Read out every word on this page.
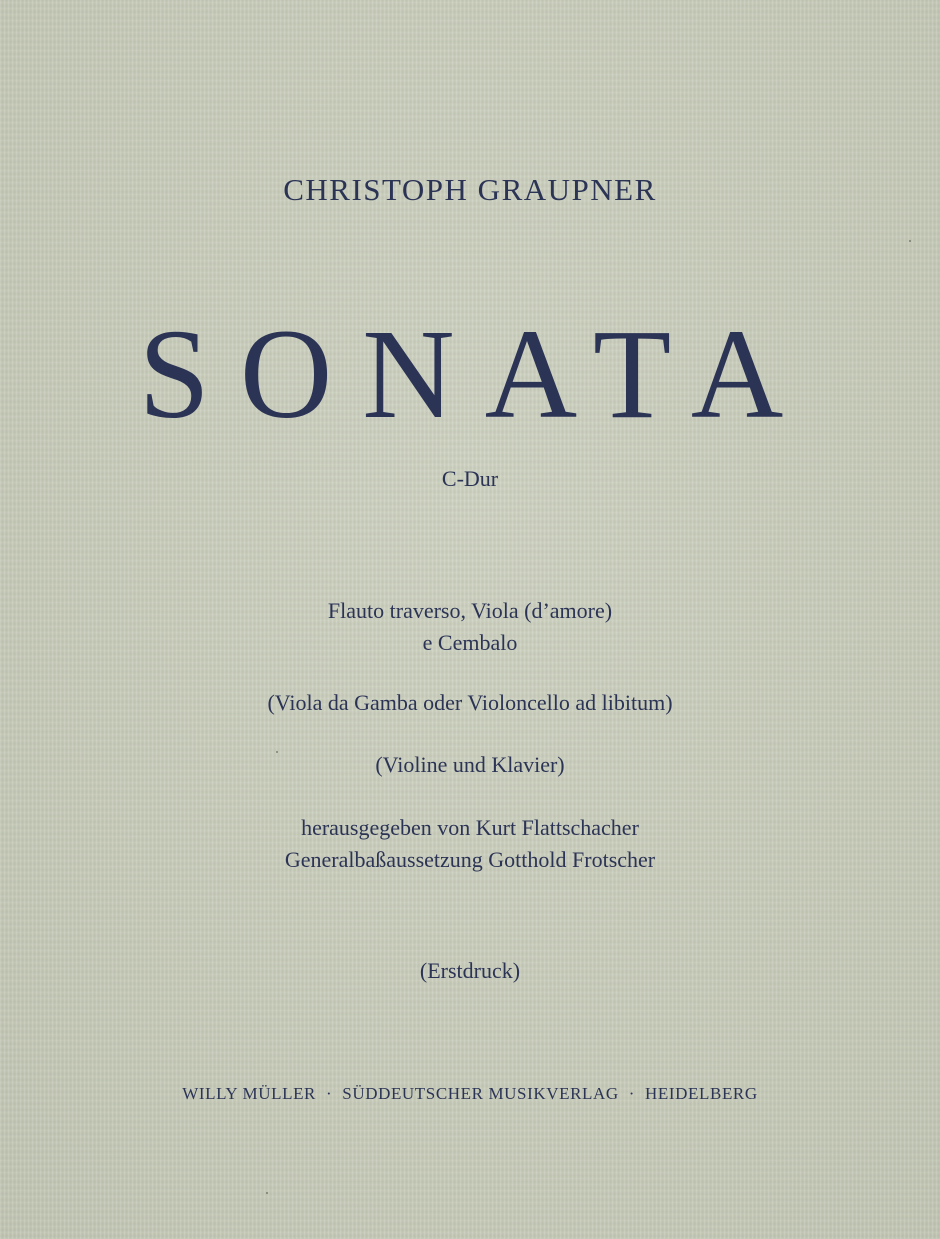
CHRISTOPH GRAUPNER
SONATA
C-Dur
Flauto traverso, Viola (d’amore)
e Cembalo
(Viola da Gamba oder Violoncello ad libitum)
(Violine und Klavier)
herausgegeben von Kurt Flattschacher
Generalbaßaussetzung Gotthold Frotscher
(Erstdruck)
WILLY MÜLLER · SÜDDEUTSCHER MUSIKVERLAG · HEIDELBERG
